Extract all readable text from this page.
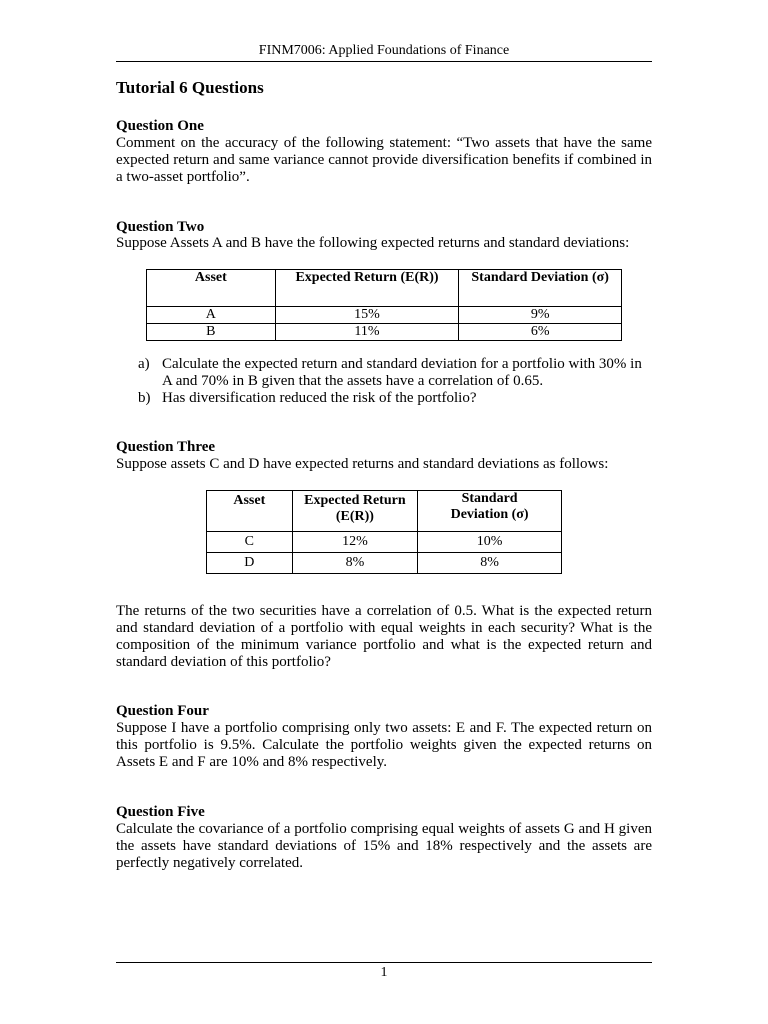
FINM7006: Applied Foundations of Finance
Tutorial 6 Questions

Question One

Comment on the accuracy of the following statement: “Two assets that have the same expected return and same variance cannot provide diversification benefits if combined in a two-asset portfolio”.

Question Two

Suppose Assets A and B have the following expected returns and standard deviations:

Asset	Expected Return (E(R))	Standard Deviation (σ)
A	15%	9%
B	11%	6%
a) Calculate the expected return and standard deviation for a portfolio with 30% in A and 70% in B given that the assets have a correlation of 0.65.
b) Has diversification reduced the risk of the portfolio?

Question Three

Suppose assets C and D have expected returns and standard deviations as follows:

Asset	Expected Return (E(R))	Standard Deviation (σ)

C	12%	10%
D	8%	8%

The returns of the two securities have a correlation of 0.5. What is the expected return and standard deviation of a portfolio with equal weights in each security? What is the composition of the minimum variance portfolio and what is the expected return and standard deviation of this portfolio?

Question Four

Suppose I have a portfolio comprising only two assets: E and F. The expected return on this portfolio is 9.5%. Calculate the portfolio weights given the expected returns on Assets E and F are 10% and 8% respectively.

Question Five

Calculate the covariance of a portfolio comprising equal weights of assets G and H given the assets have standard deviations of 15% and 18% respectively and the assets are perfectly negatively correlated.

1
